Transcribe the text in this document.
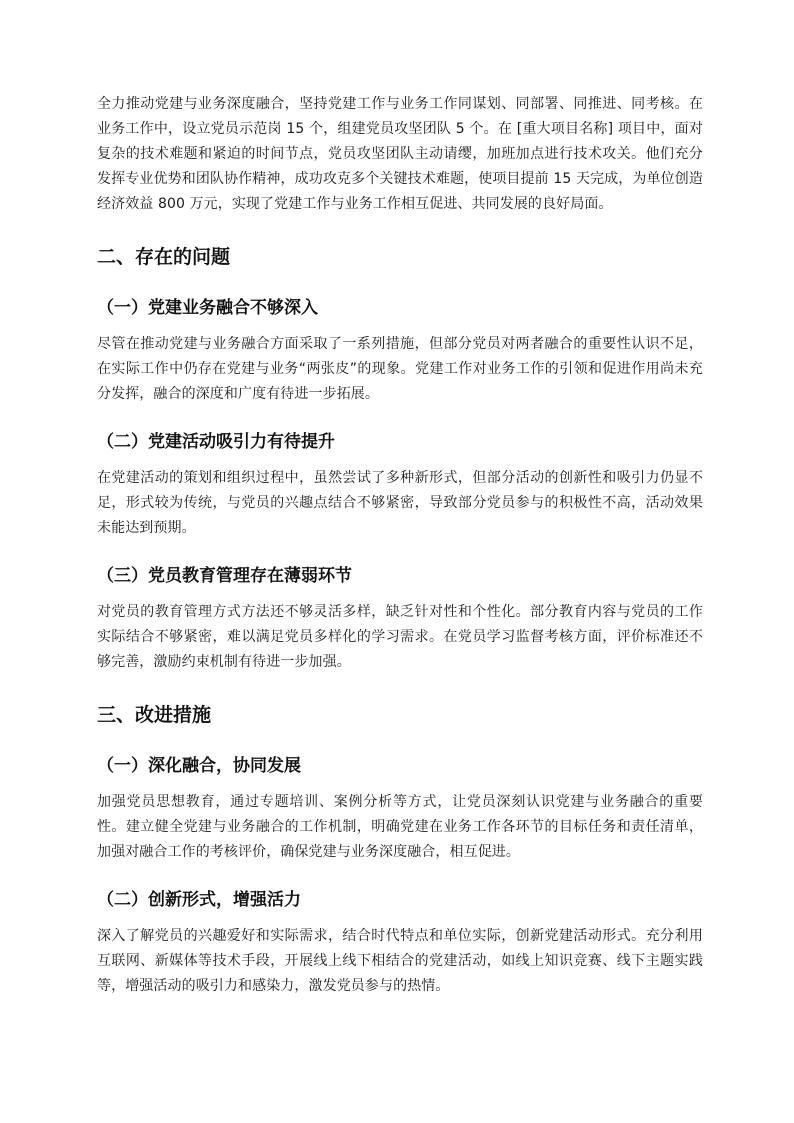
全力推动党建与业务深度融合，坚持党建工作与业务工作同谋划、同部署、同推进、同考核。在业务工作中，设立党员示范岗 15 个，组建党员攻坚团队 5 个。在 [重大项目名称] 项目中，面对复杂的技术难题和紧迫的时间节点，党员攻坚团队主动请缨，加班加点进行技术攻关。他们充分发挥专业优势和团队协作精神，成功攻克多个关键技术难题，使项目提前 15 天完成，为单位创造经济效益 800 万元，实现了党建工作与业务工作相互促进、共同发展的良好局面。

二、存在的问题
（一）党建业务融合不够深入

尽管在推动党建与业务融合方面采取了一系列措施，但部分党员对两者融合的重要性认识不足，在实际工作中仍存在党建与业务“两张皮”的现象。党建工作对业务工作的引领和促进作用尚未充分发挥，融合的深度和广度有待进一步拓展。

（二）党建活动吸引力有待提升

在党建活动的策划和组织过程中，虽然尝试了多种新形式，但部分活动的创新性和吸引力仍显不足，形式较为传统，与党员的兴趣点结合不够紧密，导致部分党员参与的积极性不高，活动效果未能达到预期。

（三）党员教育管理存在薄弱环节

对党员的教育管理方式方法还不够灵活多样，缺乏针对性和个性化。部分教育内容与党员的工作实际结合不够紧密，难以满足党员多样化的学习需求。在党员学习监督考核方面，评价标准还不够完善，激励约束机制有待进一步加强。

三、改进措施
（一）深化融合，协同发展

加强党员思想教育，通过专题培训、案例分析等方式，让党员深刻认识党建与业务融合的重要性。建立健全党建与业务融合的工作机制，明确党建在业务工作各环节的目标任务和责任清单，加强对融合工作的考核评价，确保党建与业务深度融合，相互促进。

（二）创新形式，增强活力

深入了解党员的兴趣爱好和实际需求，结合时代特点和单位实际，创新党建活动形式。充分利用互联网、新媒体等技术手段，开展线上线下相结合的党建活动，如线上知识竞赛、线下主题实践等，增强活动的吸引力和感染力，激发党员参与的热情。
